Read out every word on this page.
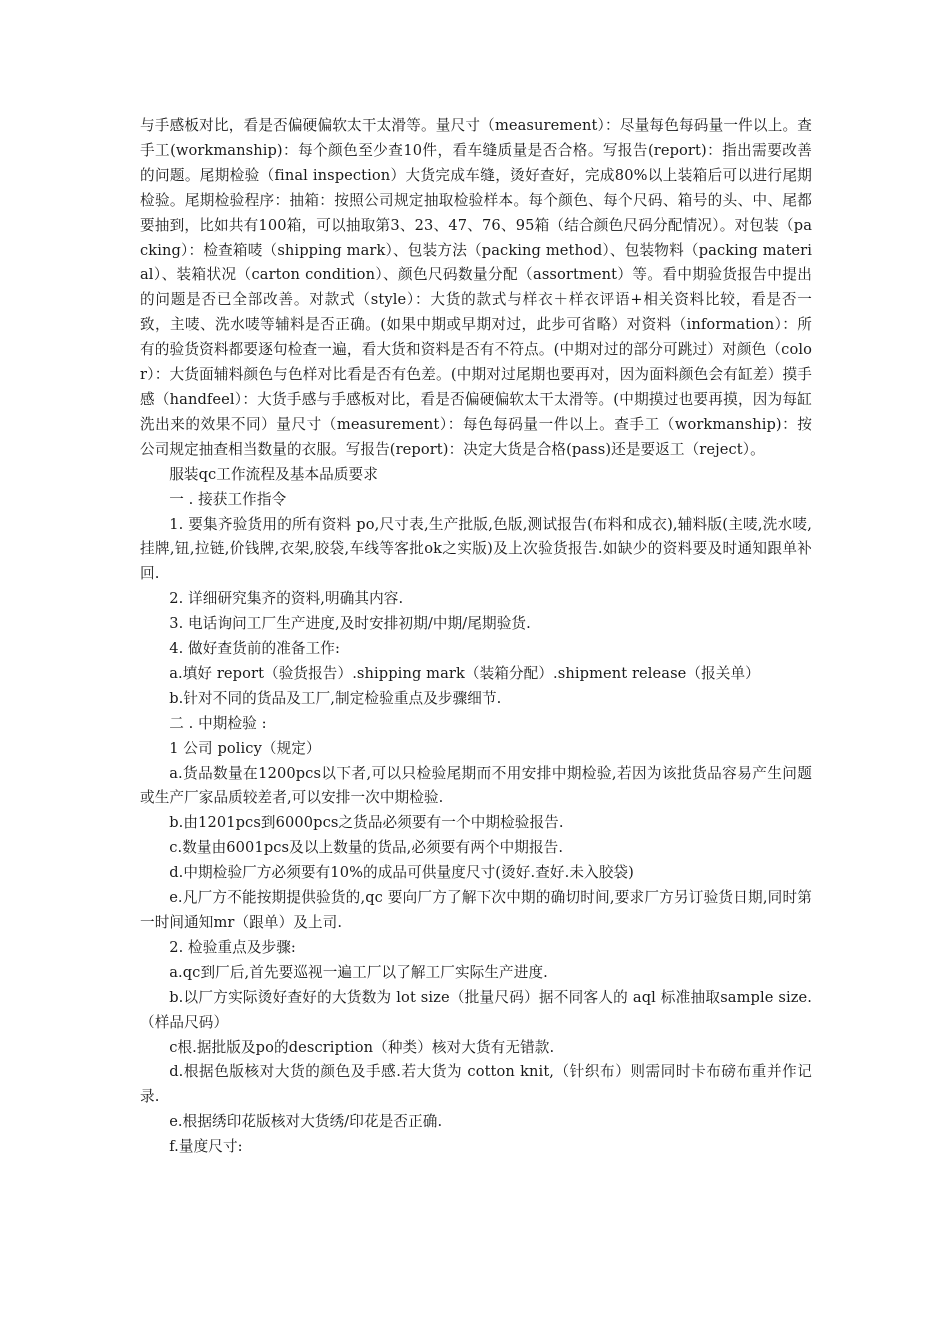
与手感板对比，看是否偏硬偏软太干太滑等。量尺寸（measurement）：尽量每色每码量一件以上。查手工(workmanship)：每个颜色至少查10件，看车缝质量是否合格。写报告(report)：指出需要改善的问题。尾期检验（final inspection）大货完成车缝，烫好查好，完成80%以上装箱后可以进行尾期检验。尾期检验程序：抽箱：按照公司规定抽取检验样本。每个颜色、每个尺码、箱号的头、中、尾都要抽到，比如共有100箱，可以抽取第3、23、47、76、95箱（结合颜色尺码分配情况）。对包装（packing）：检查箱唛（shipping mark）、包装方法（packing method）、包装物料（packing material）、装箱状况（carton condition）、颜色尺码数量分配（assortment）等。看中期验货报告中提出的问题是否已全部改善。对款式（style）：大货的款式与样衣＋样衣评语+相关资料比较，看是否一致，主唛、洗水唛等辅料是否正确。(如果中期或早期对过，此步可省略）对资料（information）：所有的验货资料都要逐句检查一遍，看大货和资料是否有不符点。(中期对过的部分可跳过）对颜色（color）：大货面辅料颜色与色样对比看是否有色差。(中期对过尾期也要再对，因为面料颜色会有缸差）摸手感（handfeel）：大货手感与手感板对比，看是否偏硬偏软太干太滑等。(中期摸过也要再摸，因为每缸洗出来的效果不同）量尺寸（measurement）：每色每码量一件以上。查手工（workmanship)：按公司规定抽查相当数量的衣服。写报告(report)：决定大货是合格(pass)还是要返工（reject）。

服装qc工作流程及基本品质要求

一 . 接获工作指令

1. 要集齐验货用的所有资料 po,尺寸表,生产批版,色版,测试报告(布料和成衣),辅料版(主唛,洗水唛,挂牌,钮,拉链,价钱牌,衣架,胶袋,车线等客批ok之实版)及上次验货报告.如缺少的资料要及时通知跟单补回.

2. 详细研究集齐的资料,明确其内容.

3. 电话询问工厂生产进度,及时安排初期/中期/尾期验货.

4. 做好查货前的准备工作:

a.填好 report（验货报告）.shipping mark（装箱分配）.shipment release（报关单）

b.针对不同的货品及工厂,制定检验重点及步骤细节.

二 . 中期检验 :

1 公司 policy（规定）

a.货品数量在1200pcs以下者,可以只检验尾期而不用安排中期检验,若因为该批货品容易产生问题或生产厂家品质较差者,可以安排一次中期检验.

b.由1201pcs到6000pcs之货品必须要有一个中期检验报告.

c.数量由6001pcs及以上数量的货品,必须要有两个中期报告.

d.中期检验厂方必须要有10%的成品可供量度尺寸(烫好.查好.未入胶袋)

e.凡厂方不能按期提供验货的,qc 要向厂方了解下次中期的确切时间,要求厂方另订验货日期,同时第一时间通知mr（跟单）及上司.

2. 检验重点及步骤:

a.qc到厂后,首先要巡视一遍工厂以了解工厂实际生产进度.

b.以厂方实际烫好查好的大货数为 lot size（批量尺码）据不同客人的 aql 标准抽取sample size.（样品尺码）

c根.据批版及po的description（种类）核对大货有无错款.

d.根据色版核对大货的颜色及手感.若大货为 cotton knit,（针织布）则需同时卡布磅布重并作记录.

e.根据绣印花版核对大货绣/印花是否正确.

f.量度尺寸:
